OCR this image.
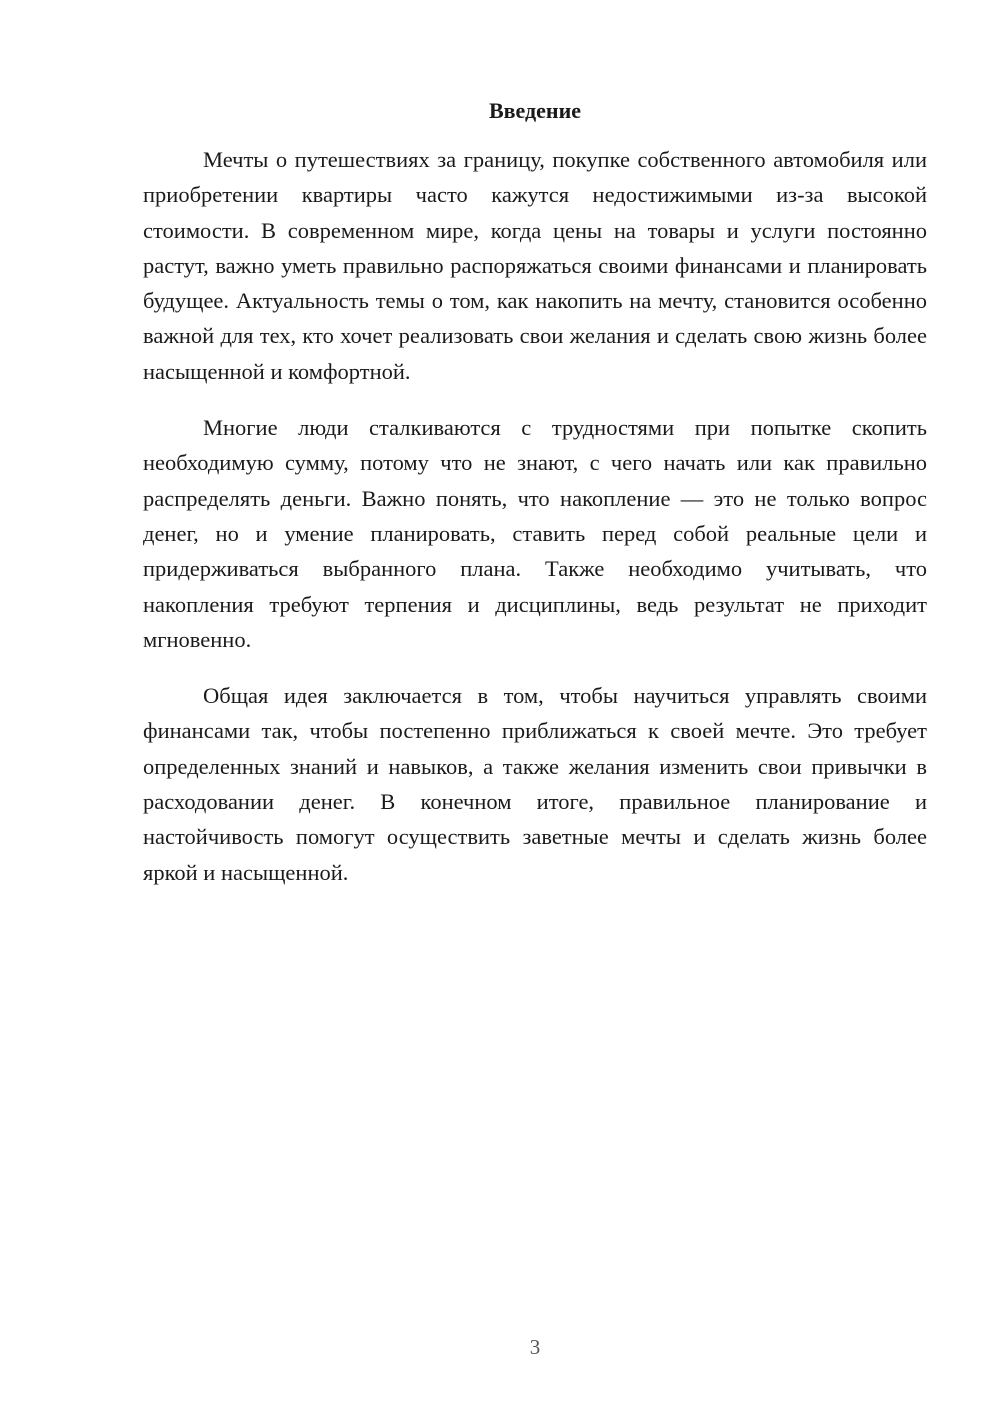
Введение

Мечты о путешествиях за границу, покупке собственного автомобиля или приобретении квартиры часто кажутся недостижимыми из-за высокой стоимости. В современном мире, когда цены на товары и услуги постоянно растут, важно уметь правильно распоряжаться своими финансами и планировать будущее. Актуальность темы о том, как накопить на мечту, становится особенно важной для тех, кто хочет реализовать свои желания и сделать свою жизнь более насыщенной и комфортной.

Многие люди сталкиваются с трудностями при попытке скопить необходимую сумму, потому что не знают, с чего начать или как правильно распределять деньги. Важно понять, что накопление — это не только вопрос денег, но и умение планировать, ставить перед собой реальные цели и придерживаться выбранного плана. Также необходимо учитывать, что накопления требуют терпения и дисциплины, ведь результат не приходит мгновенно.

Общая идея заключается в том, чтобы научиться управлять своими финансами так, чтобы постепенно приближаться к своей мечте. Это требует определенных знаний и навыков, а также желания изменить свои привычки в расходовании денег. В конечном итоге, правильное планирование и настойчивость помогут осуществить заветные мечты и сделать жизнь более яркой и насыщенной.

3
